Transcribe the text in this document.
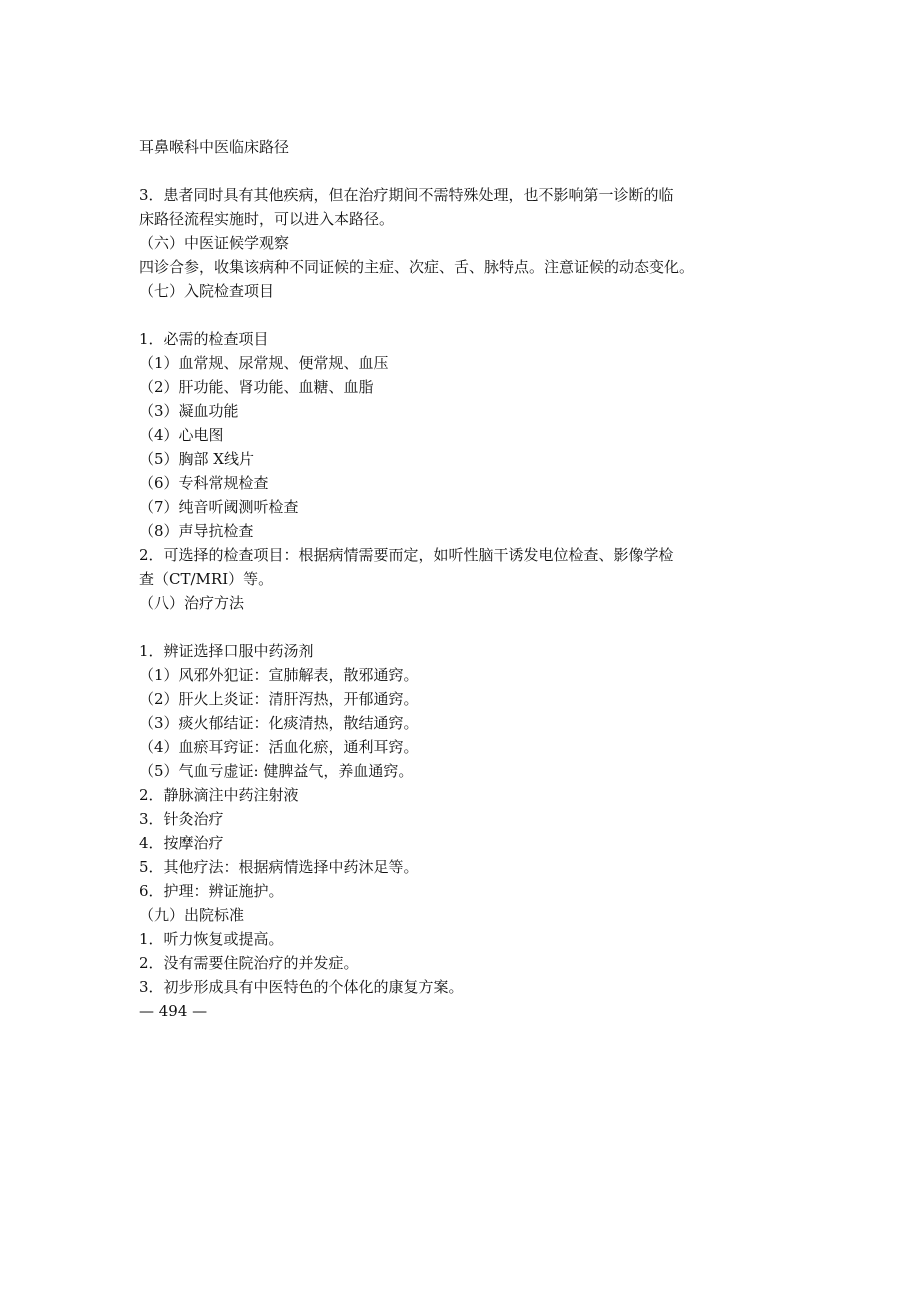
耳鼻喉科中医临床路径
3．患者同时具有其他疾病，但在治疗期间不需特殊处理，也不影响第一诊断的临
床路径流程实施时，可以进入本路径。
（六）中医证候学观察
四诊合参，收集该病种不同证候的主症、次症、舌、脉特点。注意证候的动态变化。
（七）入院检查项目
1．必需的检查项目
（1）血常规、尿常规、便常规、血压
（2）肝功能、肾功能、血糖、血脂
（3）凝血功能
（4）心电图
（5）胸部 X线片
（6）专科常规检查
（7）纯音听阈测听检查
（8）声导抗检查
2．可选择的检查项目：根据病情需要而定，如听性脑干诱发电位检查、影像学检
查（CT/MRI）等。
（八）治疗方法
1．辨证选择口服中药汤剂
（1）风邪外犯证：宣肺解表，散邪通窍。
（2）肝火上炎证：清肝泻热，开郁通窍。
（3）痰火郁结证：化痰清热，散结通窍。
（4）血瘀耳窍证：活血化瘀，通利耳窍。
（5）气血亏虚证: 健脾益气，养血通窍。
2．静脉滴注中药注射液
3．针灸治疗
4．按摩治疗
5．其他疗法：根据病情选择中药沐足等。
6．护理：辨证施护。
（九）出院标准
1．听力恢复或提高。
2．没有需要住院治疗的并发症。
3．初步形成具有中医特色的个体化的康复方案。
— 494 —
